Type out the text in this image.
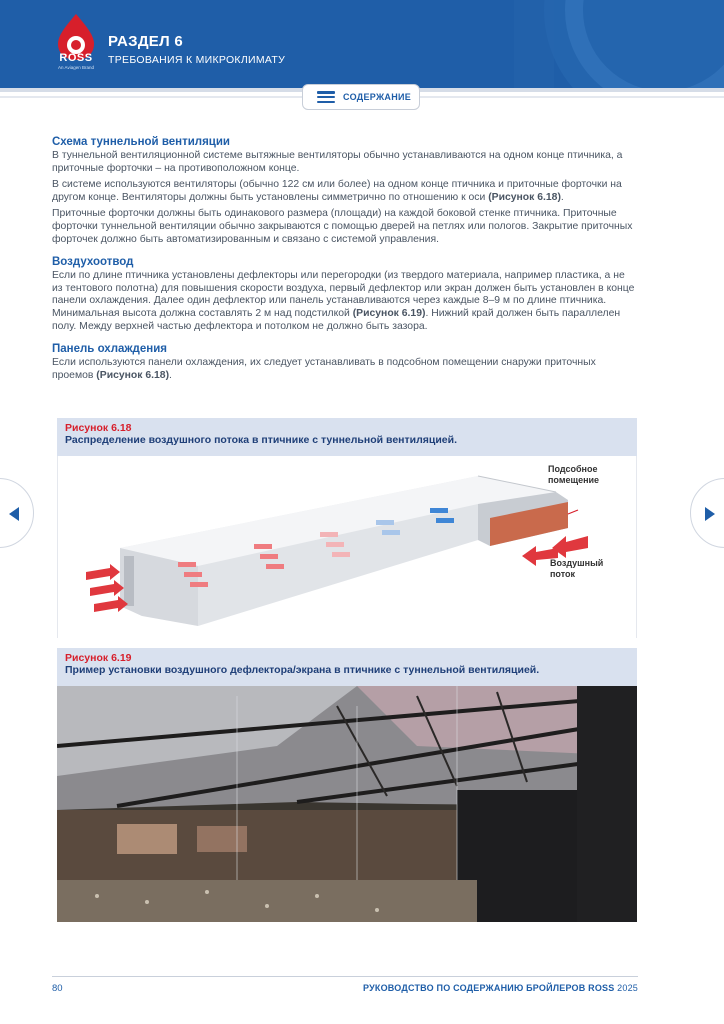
ROSS
An Aviagen Brand
РАЗДЕЛ 6
ТРЕБОВАНИЯ К МИКРОКЛИМАТУ
СОДЕРЖАНИЕ
Схема туннельной вентиляции

В туннельной вентиляционной системе вытяжные вентиляторы обычно устанавливаются на одном конце птичника, а приточные форточки – на противоположном конце.

В системе используются вентиляторы (обычно 122 см или более) на одном конце птичника и приточные форточки на другом конце. Вентиляторы должны быть установлены симметрично по отношению к оси (Рисунок 6.18).

Приточные форточки должны быть одинакового размера (площади) на каждой боковой стенке птичника. Приточные форточки туннельной вентиляции обычно закрываются с помощью дверей на петлях или пологов. Закрытие приточных форточек должно быть автоматизированным и связано с системой управления.

Воздухоотвод

Если по длине птичника установлены дефлекторы или перегородки (из твердого материала, например пластика, а не из тентового полотна) для повышения скорости воздуха, первый дефлектор или экран должен быть установлен в конце панели охлаждения. Далее один дефлектор или панель устанавливаются через каждые 8–9 м по длине птичника. Минимальная высота должна составлять 2 м над подстилкой (Рисунок 6.19). Нижний край должен быть параллелен полу. Между верхней частью дефлектора и потолком не должно быть зазора.

Панель охлаждения

Если используются панели охлаждения, их следует устанавливать в подсобном помещении снаружи приточных проемов (Рисунок 6.18).

Рисунок 6.18
Распределение воздушного потока в птичнике с туннельной вентиляцией.
Подсобное помещение
Воздушный поток
Рисунок 6.19
Пример установки воздушного дефлектора/экрана в птичнике с туннельной вентиляцией.
80	РУКОВОДСТВО ПО СОДЕРЖАНИЮ БРОЙЛЕРОВ ROSS 2025
